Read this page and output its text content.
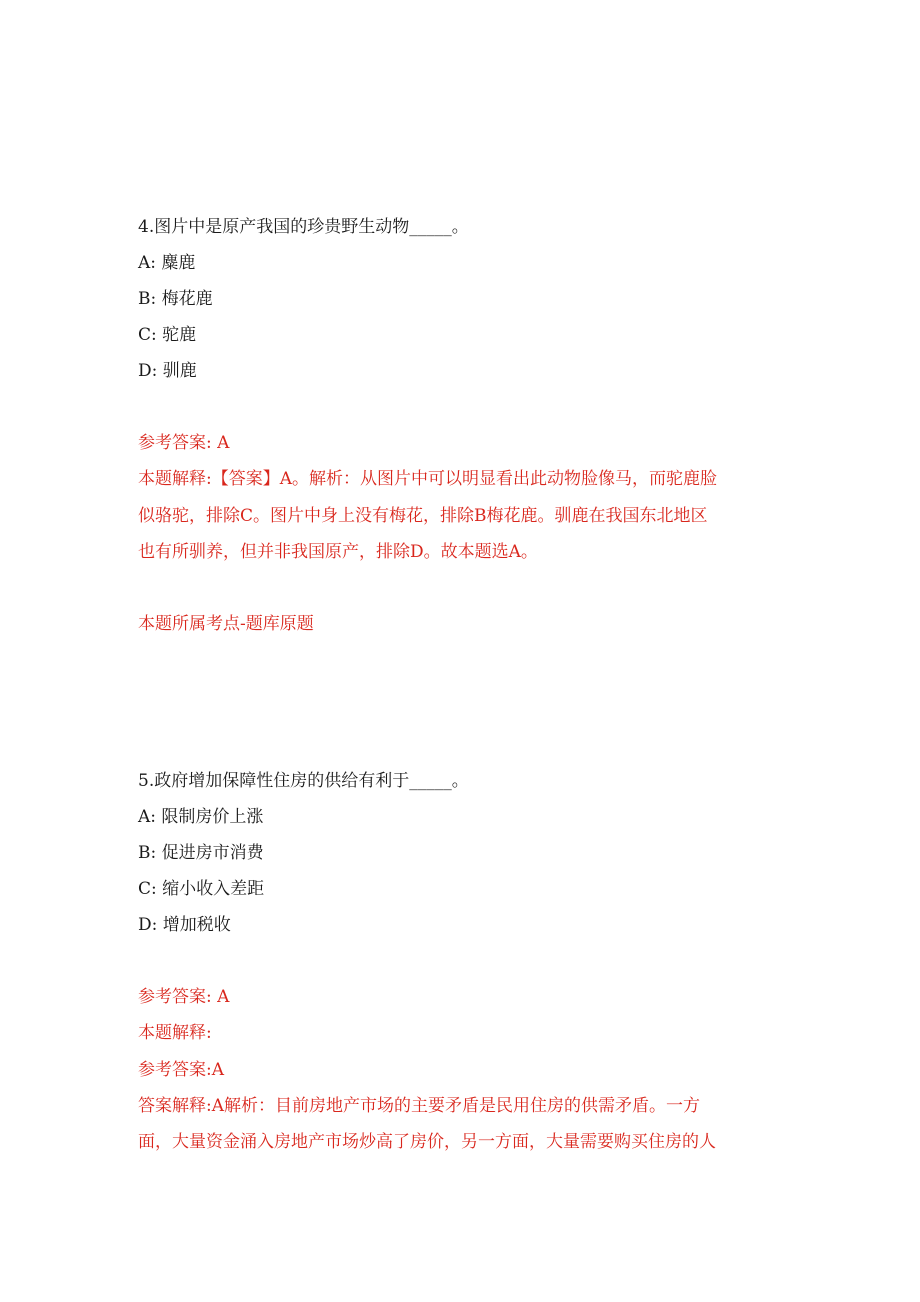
4.图片中是原产我国的珍贵野生动物_____。
A: 麋鹿
B: 梅花鹿
C: 驼鹿
D: 驯鹿
参考答案: A
本题解释:【答案】A。解析：从图片中可以明显看出此动物脸像马，而驼鹿脸
似骆驼，排除C。图片中身上没有梅花，排除B梅花鹿。驯鹿在我国东北地区
也有所驯养，但并非我国原产，排除D。故本题选A。
本题所属考点-题库原题
5.政府增加保障性住房的供给有利于_____。
A: 限制房价上涨
B: 促进房市消费
C: 缩小收入差距
D: 增加税收
参考答案: A
本题解释:
参考答案:A
答案解释:A解析：目前房地产市场的主要矛盾是民用住房的供需矛盾。一方
面，大量资金涌入房地产市场炒高了房价，另一方面，大量需要购买住房的人
